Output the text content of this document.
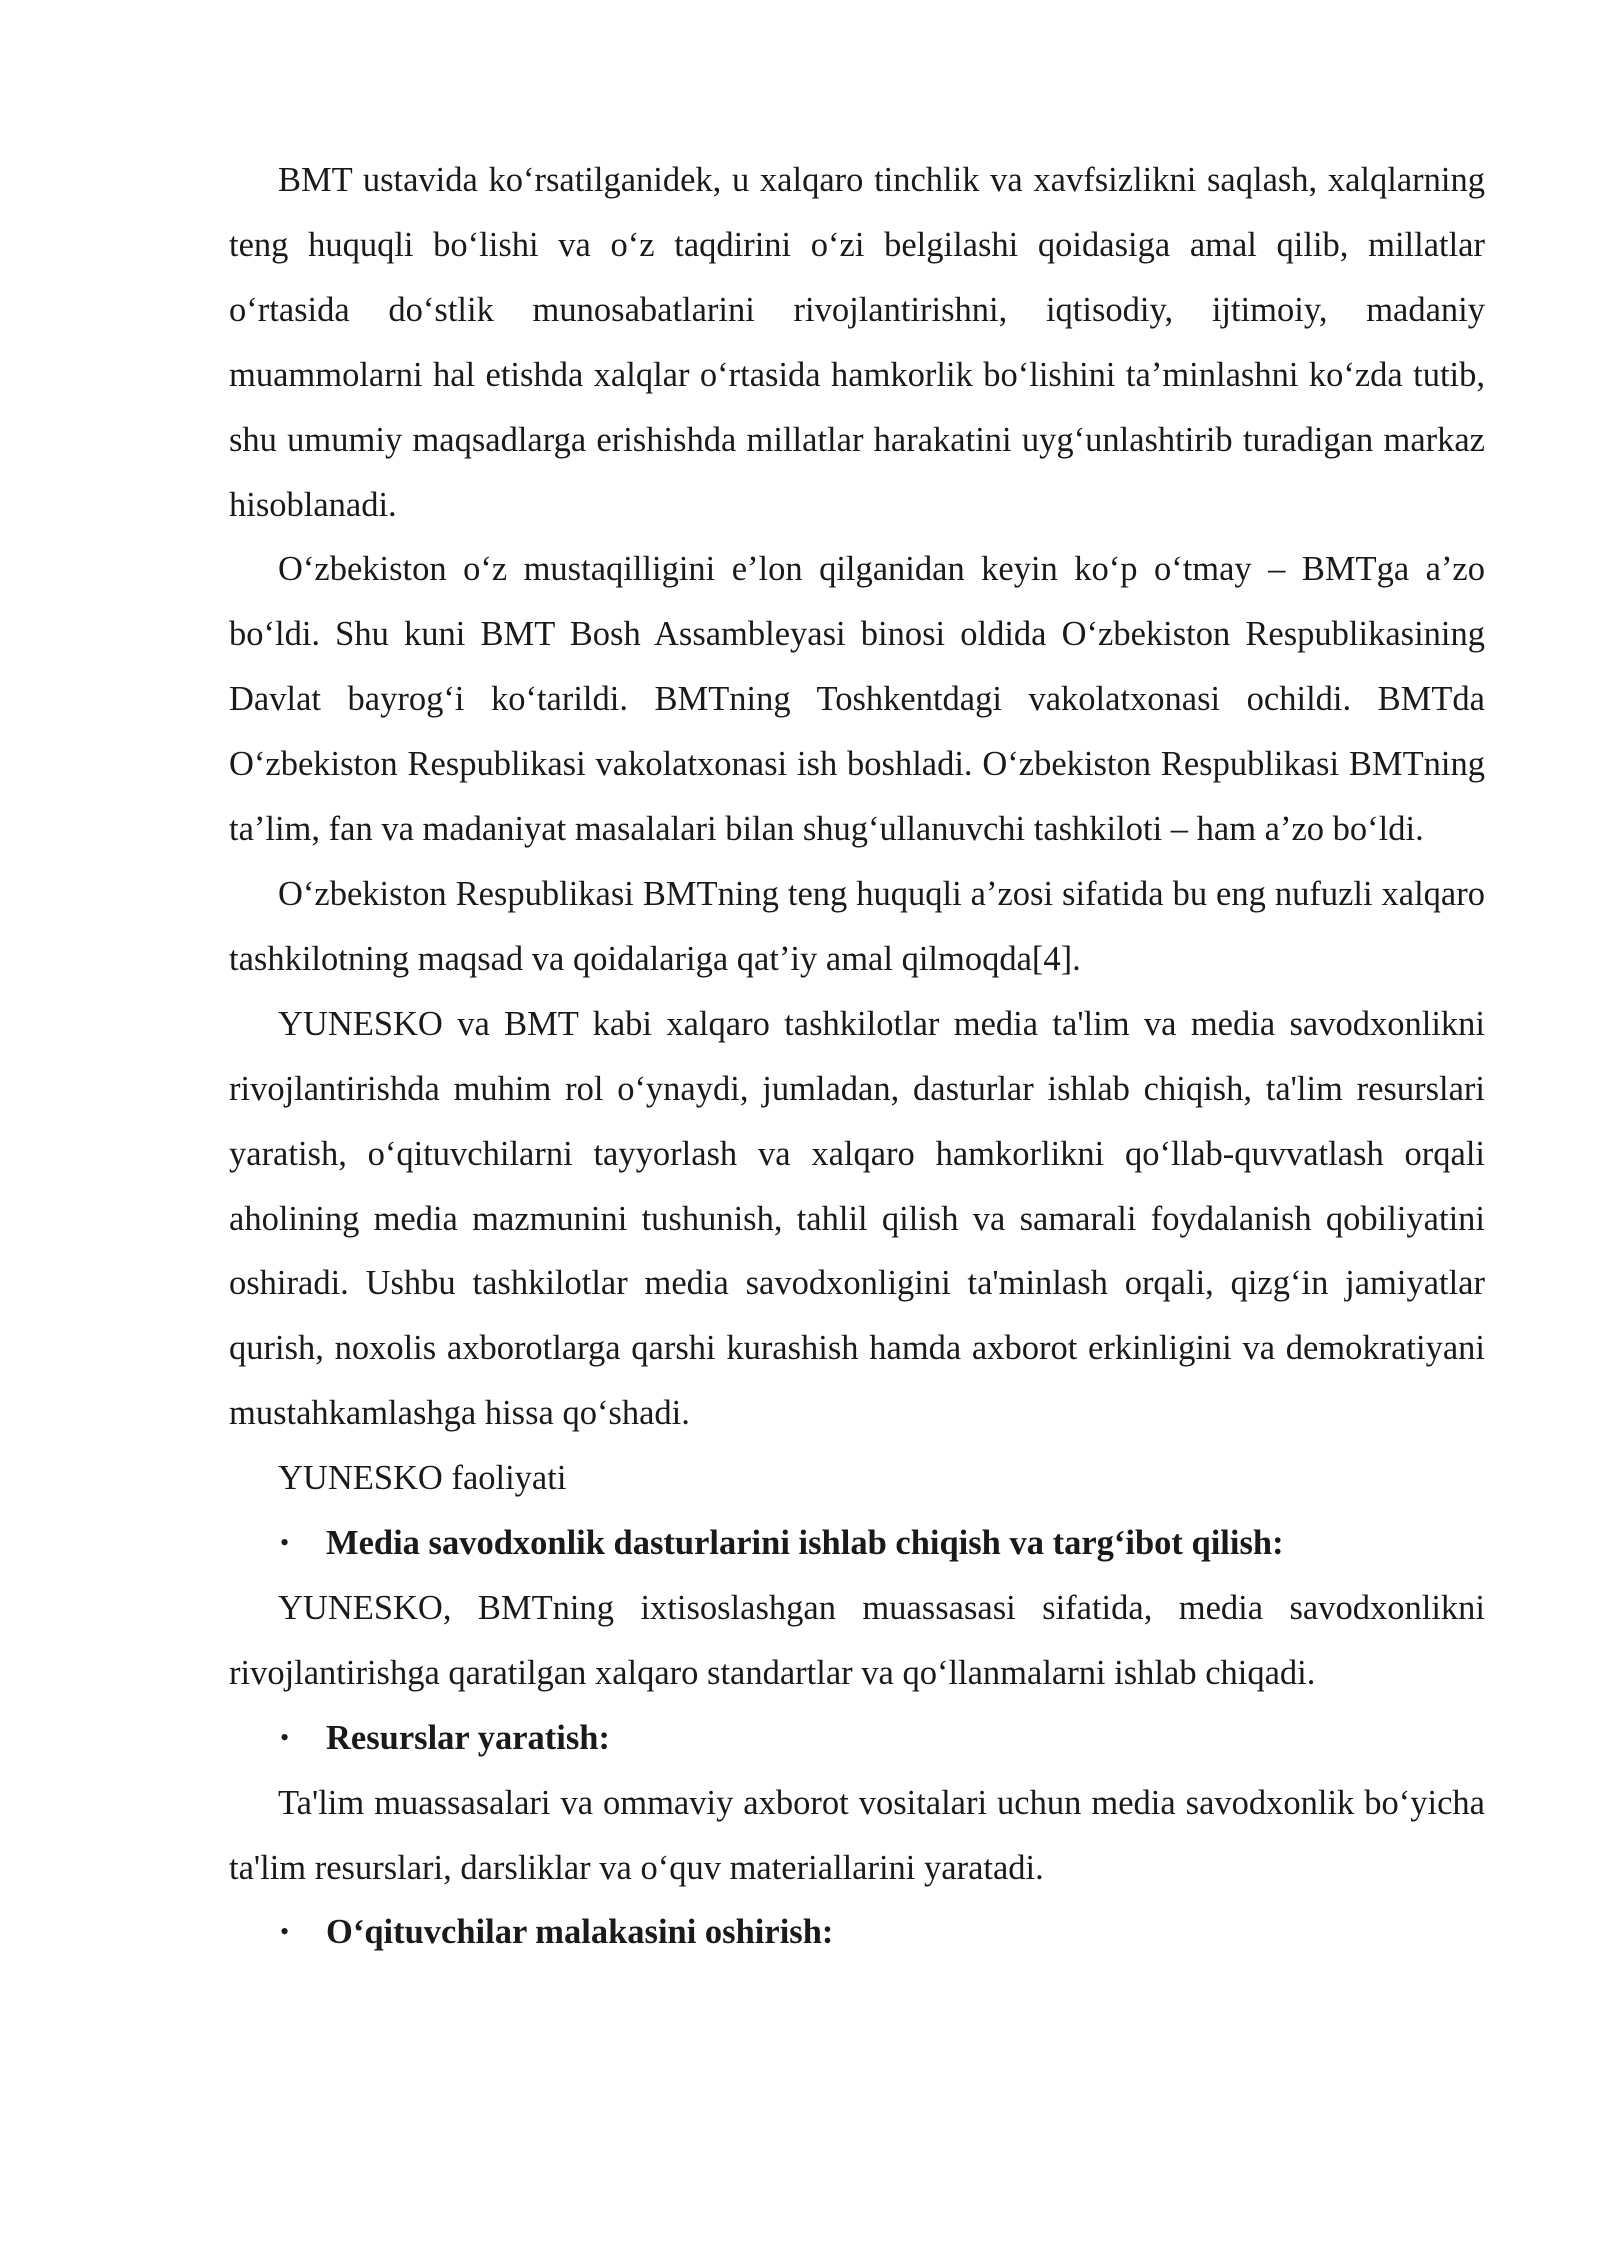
BMT ustavida koʻrsatilganidek, u xalqaro tinchlik va xavfsizlikni saqlash, xalqlarning teng huquqli boʻlishi va oʻz taqdirini oʻzi belgilashi qoidasiga amal qilib, millatlar oʻrtasida doʻstlik munosabatlarini rivojlantirishni, iqtisodiy, ijtimoiy, madaniy muammolarni hal etishda xalqlar oʻrtasida hamkorlik boʻlishini taʼminlashni koʻzda tutib, shu umumiy maqsadlarga erishishda millatlar harakatini uygʻunlashtirib turadigan markaz hisoblanadi.

Oʻzbekiston oʻz mustaqilligini eʼlon qilganidan keyin koʻp oʻtmay – BMTga aʼzo boʻldi. Shu kuni BMT Bosh Assambleyasi binosi oldida Oʻzbekiston Respublikasining Davlat bayrogʻi koʻtarildi. BMTning Toshkentdagi vakolatxonasi ochildi. BMTda Oʻzbekiston Respublikasi vakolatxonasi ish boshladi. Oʻzbekiston Respublikasi BMTning taʼlim, fan va madaniyat masalalari bilan shugʻullanuvchi tashkiloti – ham aʼzo boʻldi.

Oʻzbekiston Respublikasi BMTning teng huquqli aʼzosi sifatida bu eng nufuzli xalqaro tashkilotning maqsad va qoidalariga qatʼiy amal qilmoqda[4].

YUNESKO va BMT kabi xalqaro tashkilotlar media ta'lim va media savodxonlikni rivojlantirishda muhim rol oʻynaydi, jumladan, dasturlar ishlab chiqish, ta'lim resurslari yaratish, oʻqituvchilarni tayyorlash va xalqaro hamkorlikni qoʻllab-quvvatlash orqali aholining media mazmunini tushunish, tahlil qilish va samarali foydalanish qobiliyatini oshiradi. Ushbu tashkilotlar media savodxonligini ta'minlash orqali, qizgʻin jamiyatlar qurish, noxolis axborotlarga qarshi kurashish hamda axborot erkinligini va demokratiyani mustahkamlashga hissa qoʻshadi.

YUNESKO faoliyati

• Media savodxonlik dasturlarini ishlab chiqish va targʻibot qilish:

YUNESKO, BMTning ixtisoslashgan muassasasi sifatida, media savodxonlikni rivojlantirishga qaratilgan xalqaro standartlar va qoʻllanmalarni ishlab chiqadi.

• Resurslar yaratish:

Ta'lim muassasalari va ommaviy axborot vositalari uchun media savodxonlik boʻyicha ta'lim resurslari, darsliklar va oʻquv materiallarini yaratadi.

• Oʻqituvchilar malakasini oshirish:
